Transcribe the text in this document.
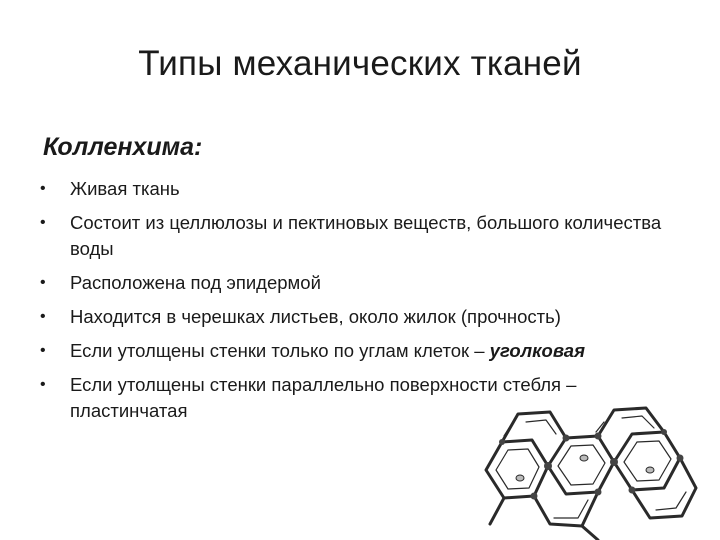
Типы механических тканей
Колленхима:
• Живая ткань
• Состоит из целлюлозы и пектиновых веществ, большого количества воды
• Расположена под эпидермой
• Находится в черешках листьев, около жилок (прочность)
• Если утолщены стенки только по углам клеток – уголковая
• Если утолщены стенки параллельно поверхности стебля – пластинчатая
